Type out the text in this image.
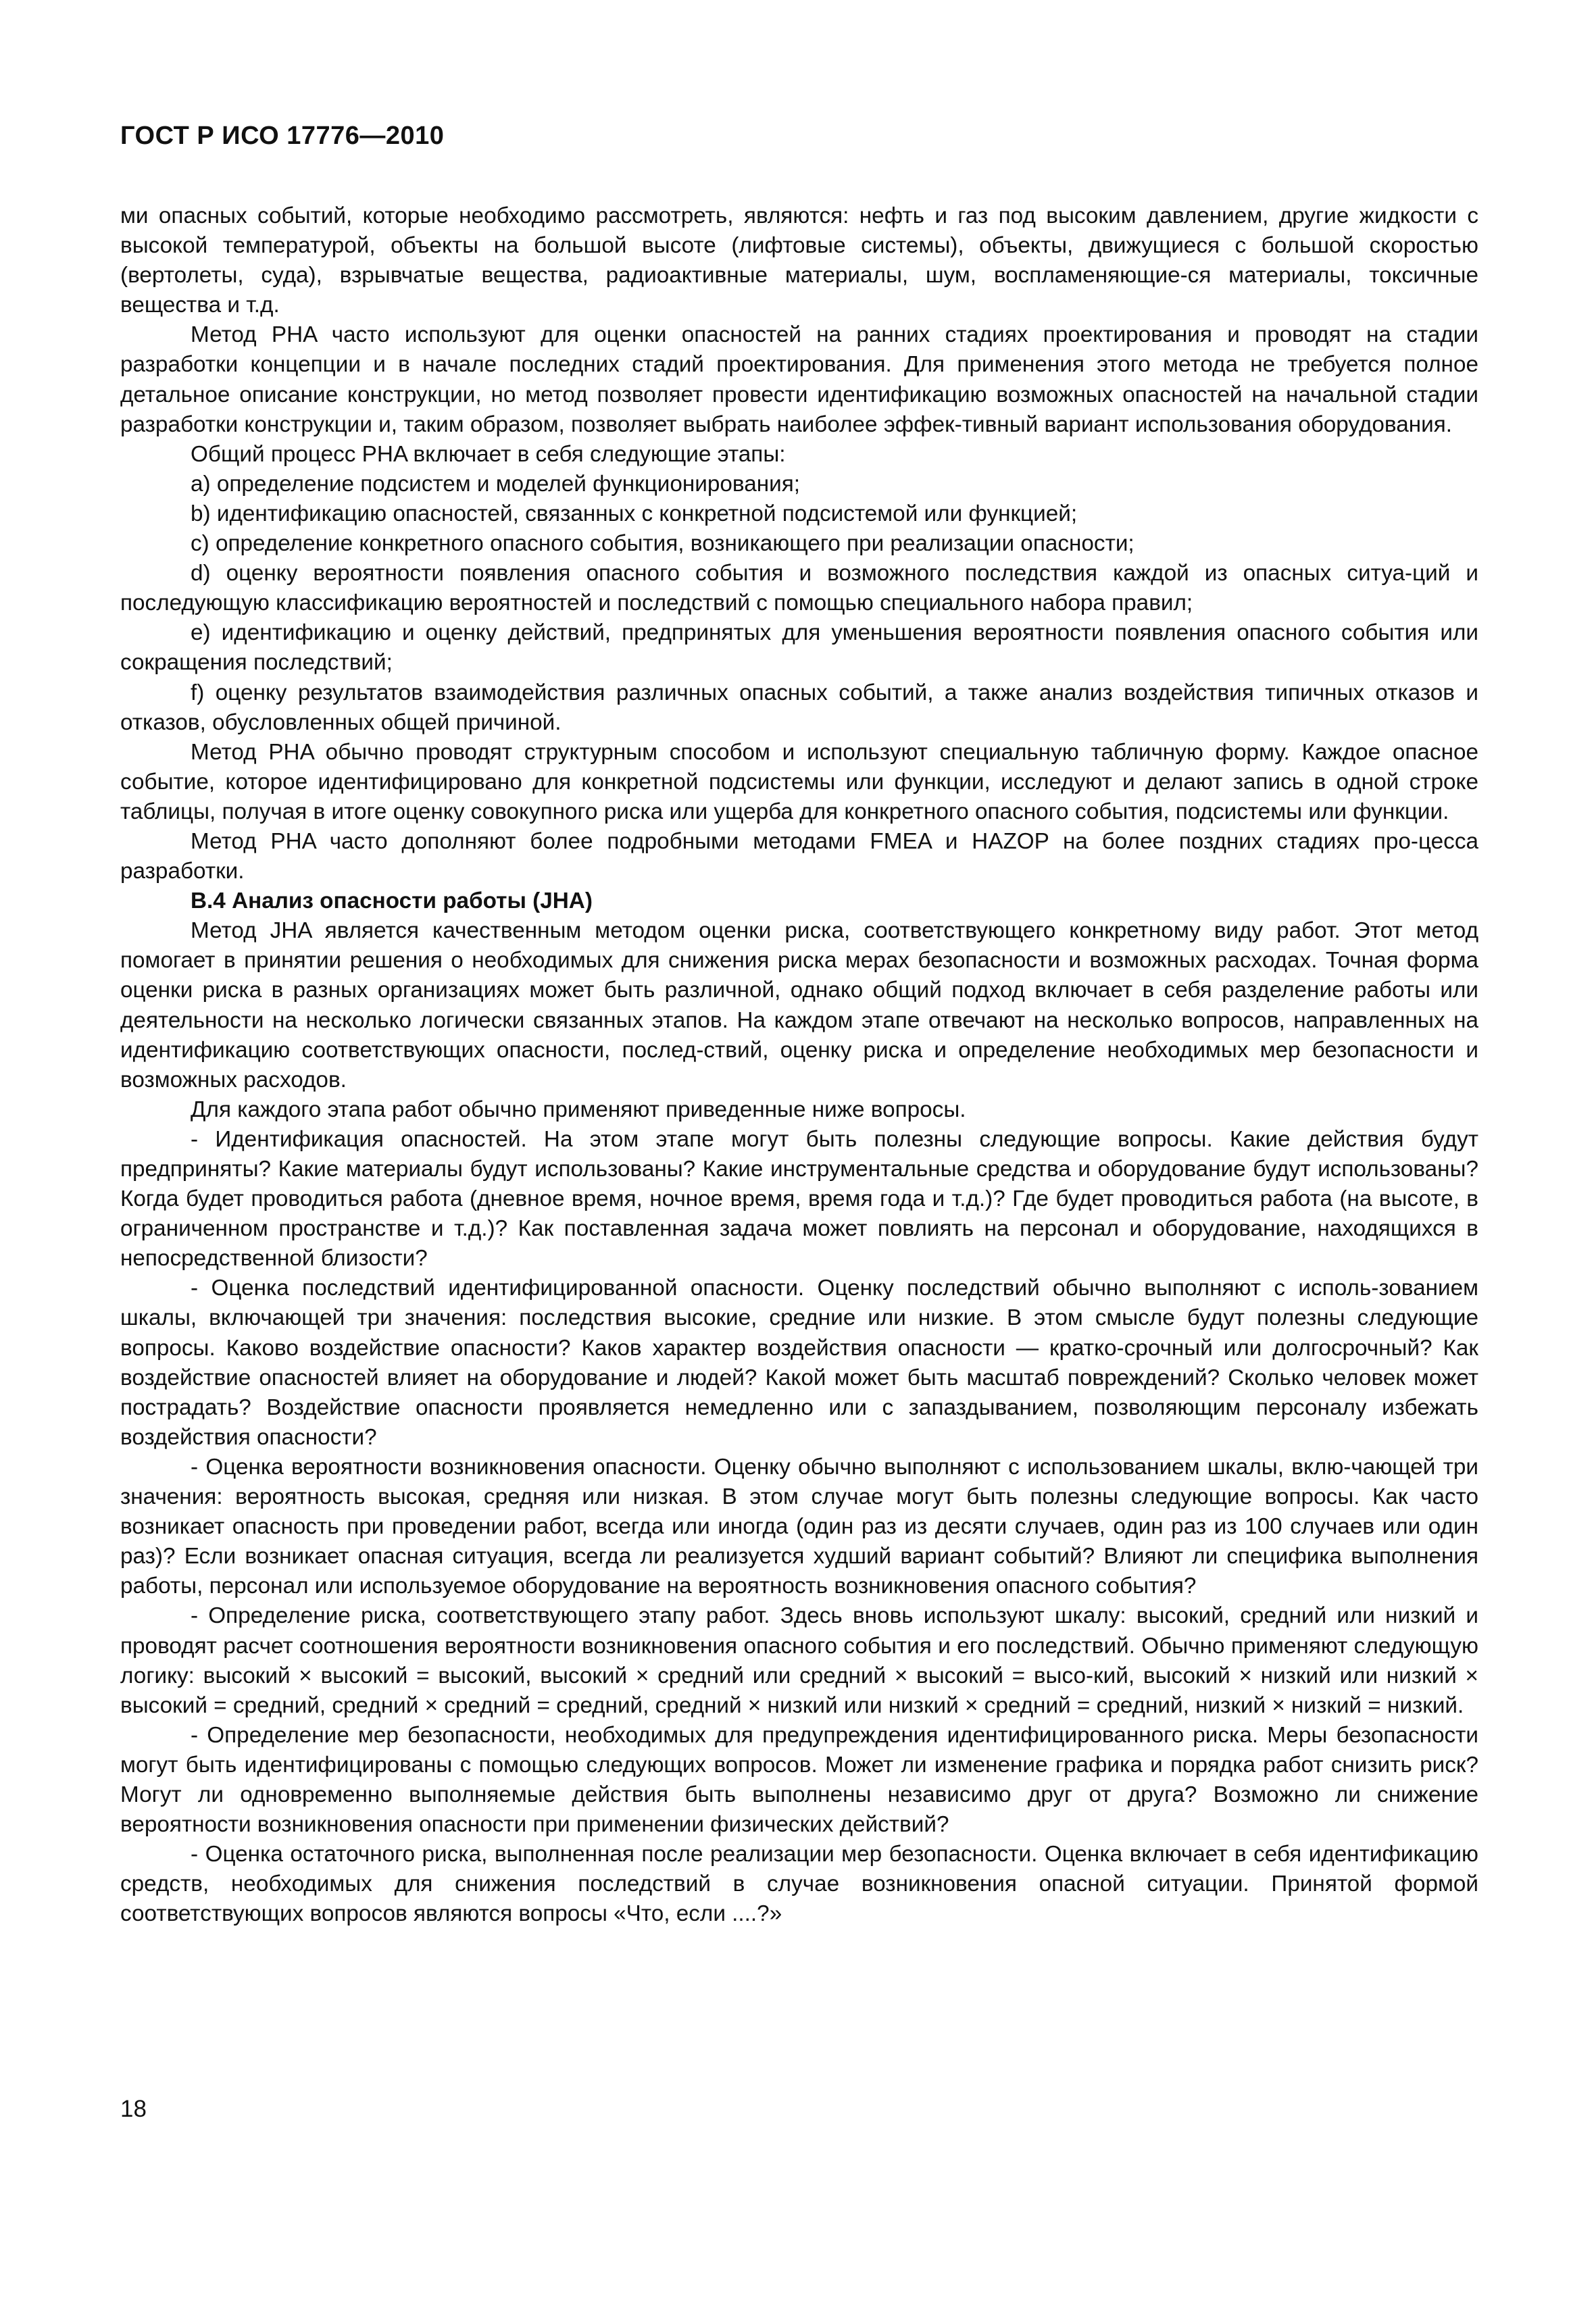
ГОСТ Р ИСО 17776—2010

ми опасных событий, которые необходимо рассмотреть, являются: нефть и газ под высоким давлением, другие жидкости с высокой температурой, объекты на большой высоте (лифтовые системы), объекты, движущиеся с большой скоростью (вертолеты, суда), взрывчатые вещества, радиоактивные материалы, шум, воспламеняющие-ся материалы, токсичные вещества и т.д.

Метод PHA часто используют для оценки опасностей на ранних стадиях проектирования и проводят на стадии разработки концепции и в начале последних стадий проектирования. Для применения этого метода не требуется полное детальное описание конструкции, но метод позволяет провести идентификацию возможных опасностей на начальной стадии разработки конструкции и, таким образом, позволяет выбрать наиболее эффек-тивный вариант использования оборудования.

Общий процесс PHA включает в себя следующие этапы:

a) определение подсистем и моделей функционирования;

b) идентификацию опасностей, связанных с конкретной подсистемой или функцией;

c) определение конкретного опасного события, возникающего при реализации опасности;

d) оценку вероятности появления опасного события и возможного последствия каждой из опасных ситуа-ций и последующую классификацию вероятностей и последствий с помощью специального набора правил;

e) идентификацию и оценку действий, предпринятых для уменьшения вероятности появления опасного события или сокращения последствий;

f) оценку результатов взаимодействия различных опасных событий, а также анализ воздействия типичных отказов и отказов, обусловленных общей причиной.

Метод PHA обычно проводят структурным способом и используют специальную табличную форму. Каждое опасное событие, которое идентифицировано для конкретной подсистемы или функции, исследуют и делают запись в одной строке таблицы, получая в итоге оценку совокупного риска или ущерба для конкретного опасного события, подсистемы или функции.

Метод PHA часто дополняют более подробными методами FMEA и HAZOP на более поздних стадиях про-цесса разработки.

B.4 Анализ опасности работы (JHA)

Метод JHA является качественным методом оценки риска, соответствующего конкретному виду работ. Этот метод помогает в принятии решения о необходимых для снижения риска мерах безопасности и возможных расходах. Точная форма оценки риска в разных организациях может быть различной, однако общий подход включает в себя разделение работы или деятельности на несколько логически связанных этапов. На каждом этапе отвечают на несколько вопросов, направленных на идентификацию соответствующих опасности, послед-ствий, оценку риска и определение необходимых мер безопасности и возможных расходов.

Для каждого этапа работ обычно применяют приведенные ниже вопросы.

- Идентификация опасностей. На этом этапе могут быть полезны следующие вопросы. Какие действия будут предприняты? Какие материалы будут использованы? Какие инструментальные средства и оборудование будут использованы? Когда будет проводиться работа (дневное время, ночное время, время года и т.д.)? Где будет проводиться работа (на высоте, в ограниченном пространстве и т.д.)? Как поставленная задача может повлиять на персонал и оборудование, находящихся в непосредственной близости?

- Оценка последствий идентифицированной опасности. Оценку последствий обычно выполняют с исполь-зованием шкалы, включающей три значения: последствия высокие, средние или низкие. В этом смысле будут полезны следующие вопросы. Каково воздействие опасности? Каков характер воздействия опасности — кратко-срочный или долгосрочный? Как воздействие опасностей влияет на оборудование и людей? Какой может быть масштаб повреждений? Сколько человек может пострадать? Воздействие опасности проявляется немедленно или с запаздыванием, позволяющим персоналу избежать воздействия опасности?

- Оценка вероятности возникновения опасности. Оценку обычно выполняют с использованием шкалы, вклю-чающей три значения: вероятность высокая, средняя или низкая. В этом случае могут быть полезны следующие вопросы. Как часто возникает опасность при проведении работ, всегда или иногда (один раз из десяти случаев, один раз из 100 случаев или один раз)? Если возникает опасная ситуация, всегда ли реализуется худший вариант событий? Влияют ли специфика выполнения работы, персонал или используемое оборудование на вероятность возникновения опасного события?

- Определение риска, соответствующего этапу работ. Здесь вновь используют шкалу: высокий, средний или низкий и проводят расчет соотношения вероятности возникновения опасного события и его последствий. Обычно применяют следующую логику: высокий × высокий = высокий, высокий × средний или средний × высокий = высо-кий, высокий × низкий или низкий × высокий = средний, средний × средний = средний, средний × низкий или низкий × средний = средний, низкий × низкий = низкий.

- Определение мер безопасности, необходимых для предупреждения идентифицированного риска. Меры безопасности могут быть идентифицированы с помощью следующих вопросов. Может ли изменение графика и порядка работ снизить риск? Могут ли одновременно выполняемые действия быть выполнены независимо друг от друга? Возможно ли снижение вероятности возникновения опасности при применении физических действий?

- Оценка остаточного риска, выполненная после реализации мер безопасности. Оценка включает в себя идентификацию средств, необходимых для снижения последствий в случае возникновения опасной ситуации. Принятой формой соответствующих вопросов являются вопросы «Что, если ....?»

18
